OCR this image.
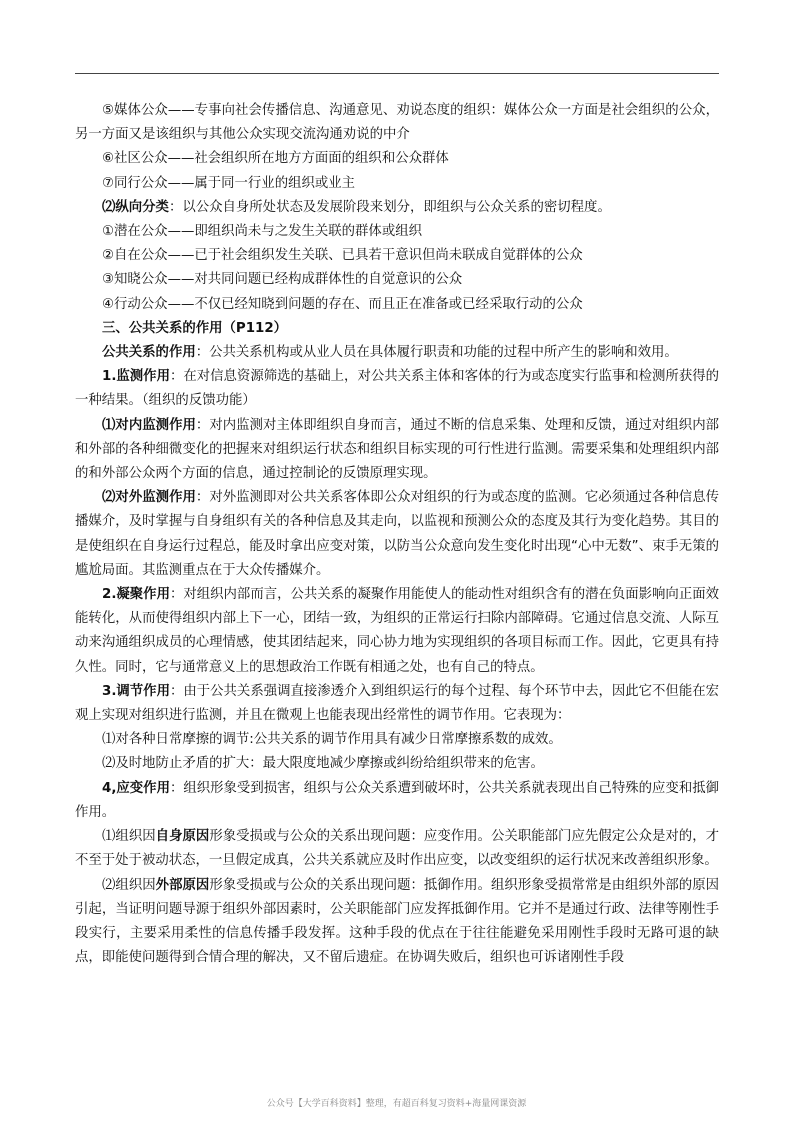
⑤媒体公众——专事向社会传播信息、沟通意见、劝说态度的组织：媒体公众一方面是社会组织的公众，另一方面又是该组织与其他公众实现交流沟通劝说的中介

⑥社区公众——社会组织所在地方方面面的组织和公众群体

⑦同行公众——属于同一行业的组织或业主

⑵纵向分类：以公众自身所处状态及发展阶段来划分，即组织与公众关系的密切程度。

①潜在公众——即组织尚未与之发生关联的群体或组织

②自在公众——已于社会组织发生关联、已具若干意识但尚未联成自觉群体的公众

③知晓公众——对共同问题已经构成群体性的自觉意识的公众

④行动公众——不仅已经知晓到问题的存在、而且正在准备或已经采取行动的公众

三、公共关系的作用（P112）

公共关系的作用：公共关系机构或从业人员在具体履行职责和功能的过程中所产生的影响和效用。

1.监测作用：在对信息资源筛选的基础上，对公共关系主体和客体的行为或态度实行监事和检测所获得的一种结果。（组织的反馈功能）

⑴对内监测作用：对内监测对主体即组织自身而言，通过不断的信息采集、处理和反馈，通过对组织内部和外部的各种细微变化的把握来对组织运行状态和组织目标实现的可行性进行监测。需要采集和处理组织内部的和外部公众两个方面的信息，通过控制论的反馈原理实现。

⑵对外监测作用：对外监测即对公共关系客体即公众对组织的行为或态度的监测。它必须通过各种信息传播媒介，及时掌握与自身组织有关的各种信息及其走向，以监视和预测公众的态度及其行为变化趋势。其目的是使组织在自身运行过程总，能及时拿出应变对策，以防当公众意向发生变化时出现“心中无数”、束手无策的尴尬局面。其监测重点在于大众传播媒介。

2.凝聚作用：对组织内部而言，公共关系的凝聚作用能使人的能动性对组织含有的潜在负面影响向正面效能转化，从而使得组织内部上下一心，团结一致，为组织的正常运行扫除内部障碍。它通过信息交流、人际互动来沟通组织成员的心理情感，使其团结起来，同心协力地为实现组织的各项目标而工作。因此，它更具有持久性。同时，它与通常意义上的思想政治工作既有相通之处，也有自己的特点。

3.调节作用：由于公共关系强调直接渗透介入到组织运行的每个过程、每个环节中去，因此它不但能在宏观上实现对组织进行监测，并且在微观上也能表现出经常性的调节作用。它表现为：

⑴对各种日常摩擦的调节:公共关系的调节作用具有减少日常摩擦系数的成效。

⑵及时地防止矛盾的扩大：最大限度地减少摩擦或纠纷给组织带来的危害。

4,应变作用：组织形象受到损害，组织与公众关系遭到破坏时，公共关系就表现出自己特殊的应变和抵御作用。

⑴组织因自身原因形象受损或与公众的关系出现问题：应变作用。公关职能部门应先假定公众是对的，才不至于处于被动状态，一旦假定成真，公共关系就应及时作出应变，以改变组织的运行状况来改善组织形象。

⑵组织因外部原因形象受损或与公众的关系出现问题：抵御作用。组织形象受损常常是由组织外部的原因引起，当证明问题导源于组织外部因素时，公关职能部门应发挥抵御作用。它并不是通过行政、法律等刚性手段实行，主要采用柔性的信息传播手段发挥。这种手段的优点在于往往能避免采用刚性手段时无路可退的缺点，即能使问题得到合情合理的解决，又不留后遗症。在协调失败后，组织也可诉诸刚性手段

公众号【大学百科资料】整理，有超百科复习资料+海量网课资源
